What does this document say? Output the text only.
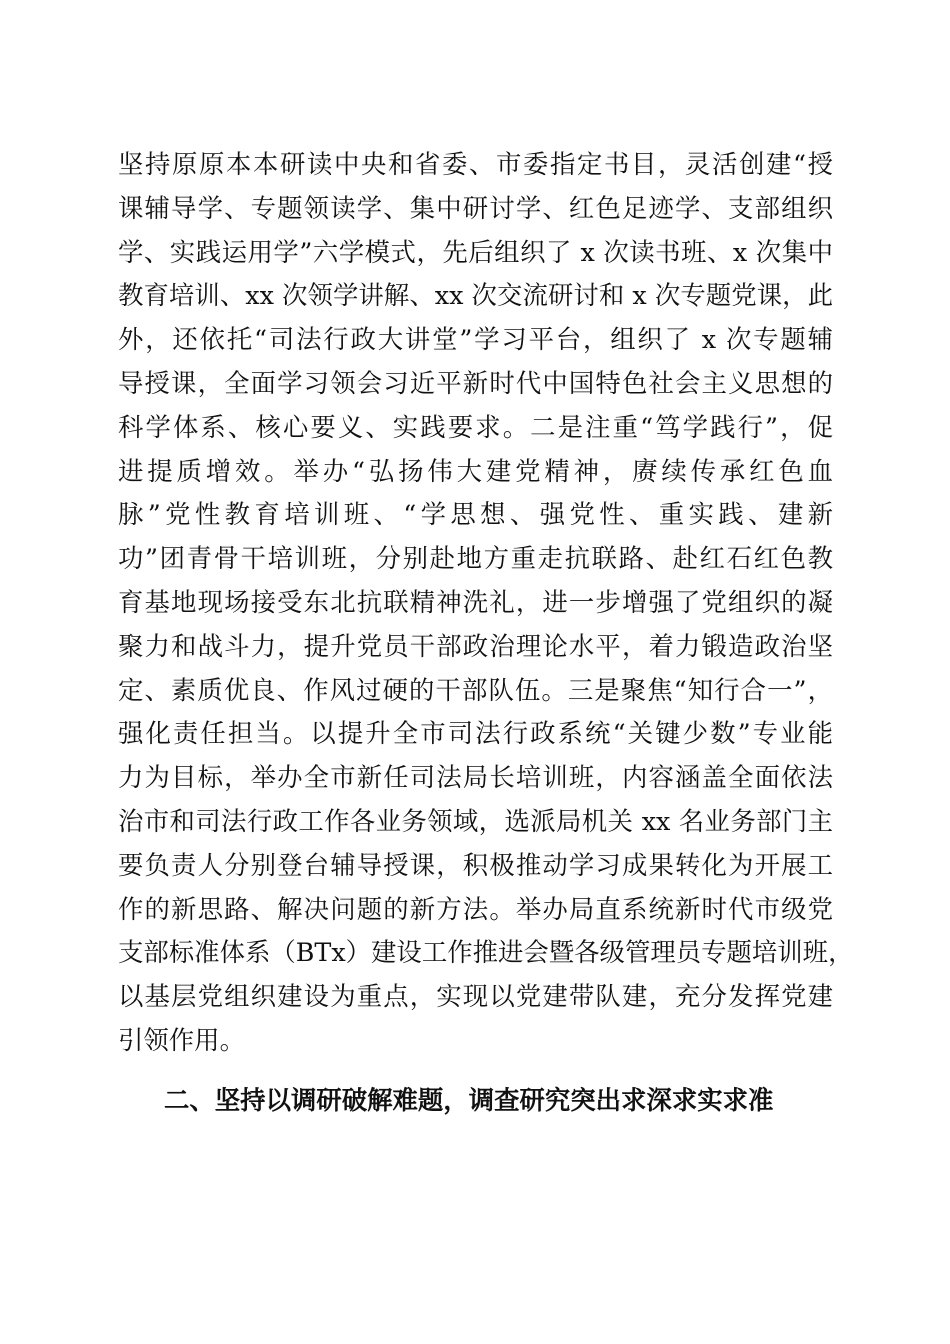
坚持原原本本研读中央和省委、市委指定书目，灵活创建“授
课辅导学、专题领读学、集中研讨学、红色足迹学、支部组织
学、实践运用学”六学模式，先后组织了 x 次读书班、x 次集中
教育培训、xx 次领学讲解、xx 次交流研讨和 x 次专题党课，此
外，还依托“司法行政大讲堂”学习平台，组织了 x 次专题辅
导授课，全面学习领会习近平新时代中国特色社会主义思想的
科学体系、核心要义、实践要求。二是注重“笃学践行”，促
进提质增效。举办“弘扬伟大建党精神，赓续传承红色血
脉”党性教育培训班、“学思想、强党性、重实践、建新
功”团青骨干培训班，分别赴地方重走抗联路、赴红石红色教
育基地现场接受东北抗联精神洗礼，进一步增强了党组织的凝
聚力和战斗力，提升党员干部政治理论水平，着力锻造政治坚
定、素质优良、作风过硬的干部队伍。三是聚焦“知行合一”，
强化责任担当。以提升全市司法行政系统“关键少数”专业能
力为目标，举办全市新任司法局长培训班，内容涵盖全面依法
治市和司法行政工作各业务领域，选派局机关 xx 名业务部门主
要负责人分别登台辅导授课，积极推动学习成果转化为开展工
作的新思路、解决问题的新方法。举办局直系统新时代市级党
支部标准体系（BTx）建设工作推进会暨各级管理员专题培训班，
以基层党组织建设为重点，实现以党建带队建，充分发挥党建
引领作用。
二、坚持以调研破解难题，调查研究突出求深求实求准
